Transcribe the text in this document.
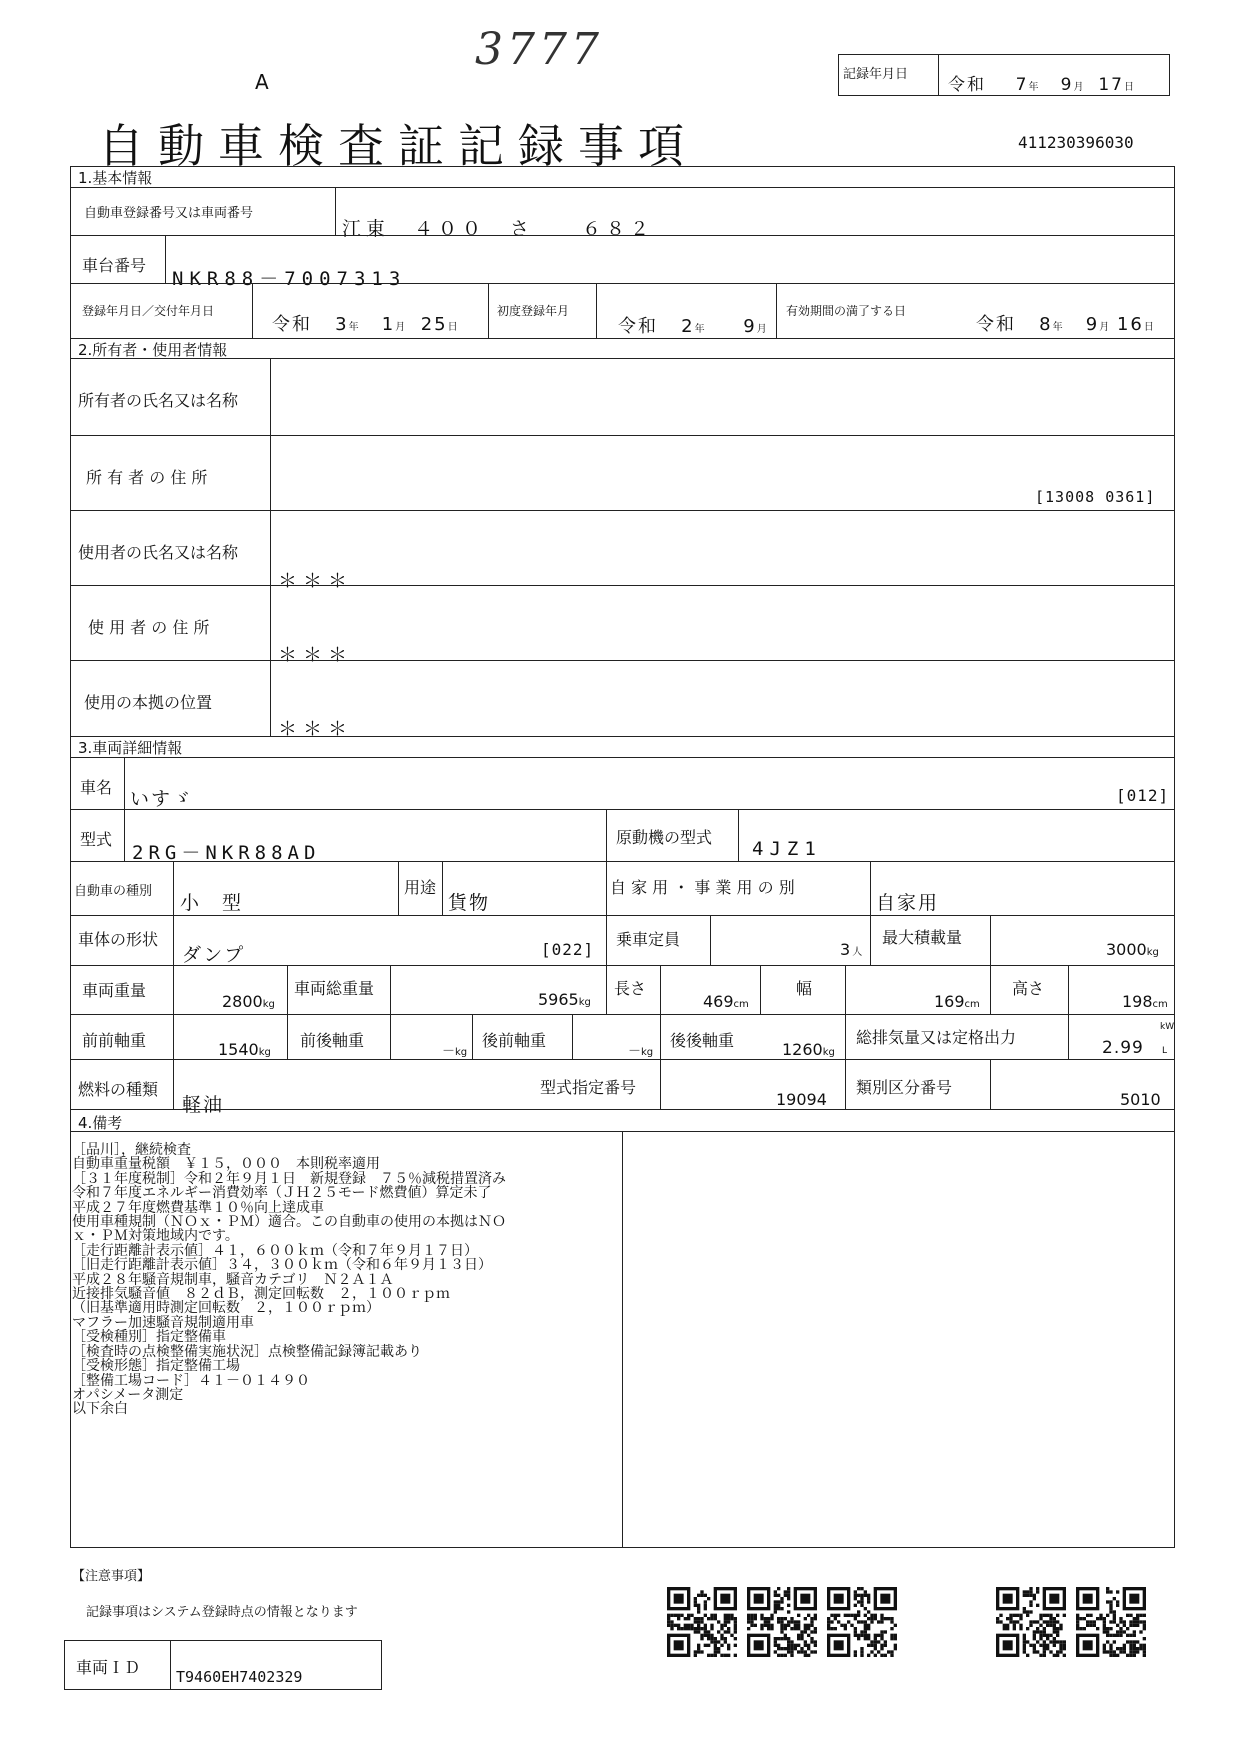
3777
A
自動車検査証記録事項	411230396030
記録年月日
令和 7年 9月 17日
1.基本情報
自動車登録番号又は車両番号
江東　４００　さ　　６８２
車台番号
NKR88－7007313
登録年月日／交付年月日
令和 3年 1月 25日
初度登録年月
令和 2年 9月
有効期間の満了する日
令和 8年 9月 16日
2.所有者・使用者情報
所有者の氏名又は名称
所 有 者 の 住 所
[13008 0361]
使用者の氏名又は名称
＊＊＊
使 用 者 の 住 所
＊＊＊
使用の本拠の位置
＊＊＊
3.車両詳細情報
車名
いすゞ	[012]
型式
2RG－NKR88AD
原動機の型式
4JZ1
自動車の種別
小　型
用途
貨物
自 家 用 ・ 事 業 用 の 別
自家用
車体の形状
ダンプ	[022]
乗車定員
3人
最大積載量
3000kg
車両重量
2800kg
車両総重量
5965kg
長さ
469cm
幅
169cm
高さ
198cm
前前軸重	1540kg
前後軸重
－kg
後前軸重
－kg
後後軸重	1260kg
総排気量又は定格出力
2.99
kW
L
燃料の種類
軽油
型式指定番号
19094
類別区分番号
5010
4.備考
［品川］，継続検査
自動車重量税額　￥１５，０００　本則税率適用
［３１年度税制］令和２年９月１日　新規登録　７５％減税措置済み
令和７年度エネルギー消費効率（ＪＨ２５モード燃費値）算定未了
平成２７年度燃費基準１０％向上達成車
使用車種規制（ＮＯｘ・ＰＭ）適合。この自動車の使用の本拠はＮＯ
ｘ・ＰＭ対策地域内です。
［走行距離計表示値］４１，６００ｋｍ（令和７年９月１７日）
［旧走行距離計表示値］３４，３００ｋｍ（令和６年９月１３日）
平成２８年騒音規制車，騒音カテゴリ　Ｎ２Ａ１Ａ
近接排気騒音値　８２ｄＢ，測定回転数　２，１００ｒｐｍ
（旧基準適用時測定回転数　２，１００ｒｐｍ）
マフラー加速騒音規制適用車
［受検種別］指定整備車
［検査時の点検整備実施状況］点検整備記録簿記載あり
［受検形態］指定整備工場
［整備工場コード］４１－０１４９０
オパシメータ測定
以下余白
【注意事項】
記録事項はシステム登録時点の情報となります
車両ＩＤ T9460EH7402329
